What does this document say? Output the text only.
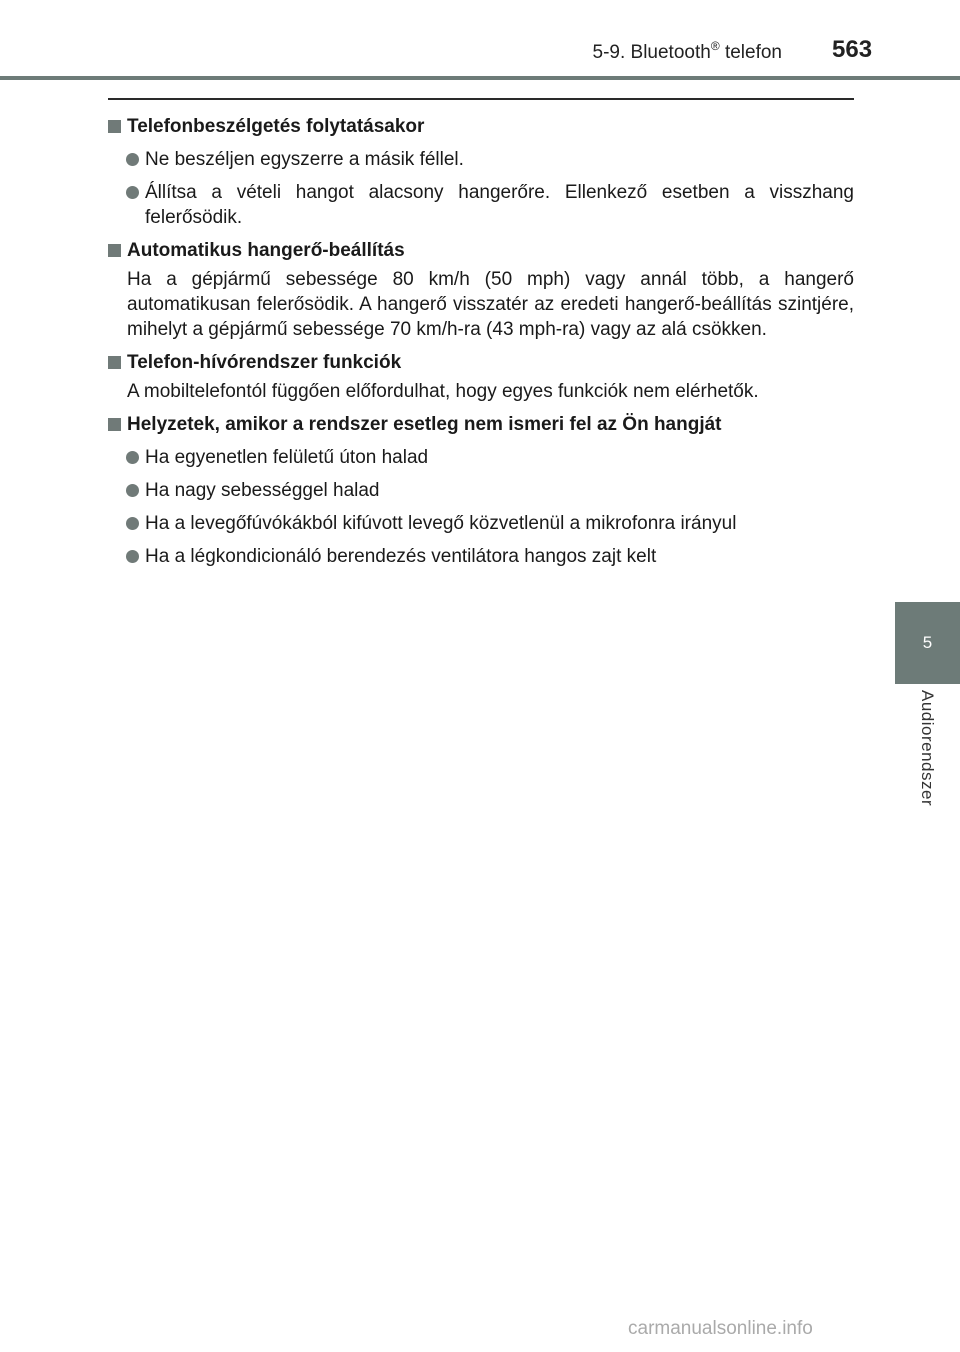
5-9. Bluetooth® telefon 563
Telefonbeszélgetés folytatásakor
Ne beszéljen egyszerre a másik féllel.
Állítsa a vételi hangot alacsony hangerőre. Ellenkező esetben a visszhang felerősödik.
Automatikus hangerő-beállítás
Ha a gépjármű sebessége 80 km/h (50 mph) vagy annál több, a hangerő automatikusan felerősödik. A hangerő visszatér az eredeti hangerő-beállítás szintjére, mihelyt a gépjármű sebessége 70 km/h-ra (43 mph-ra) vagy az alá csökken.
Telefon-hívórendszer funkciók
A mobiltelefontól függően előfordulhat, hogy egyes funkciók nem elérhetők.
Helyzetek, amikor a rendszer esetleg nem ismeri fel az Ön hangját
Ha egyenetlen felületű úton halad
Ha nagy sebességgel halad
Ha a levegőfúvókákból kifúvott levegő közvetlenül a mikrofonra irányul
Ha a légkondicionáló berendezés ventilátora hangos zajt kelt
5
Audiorendszer
carmanualsonline.info
